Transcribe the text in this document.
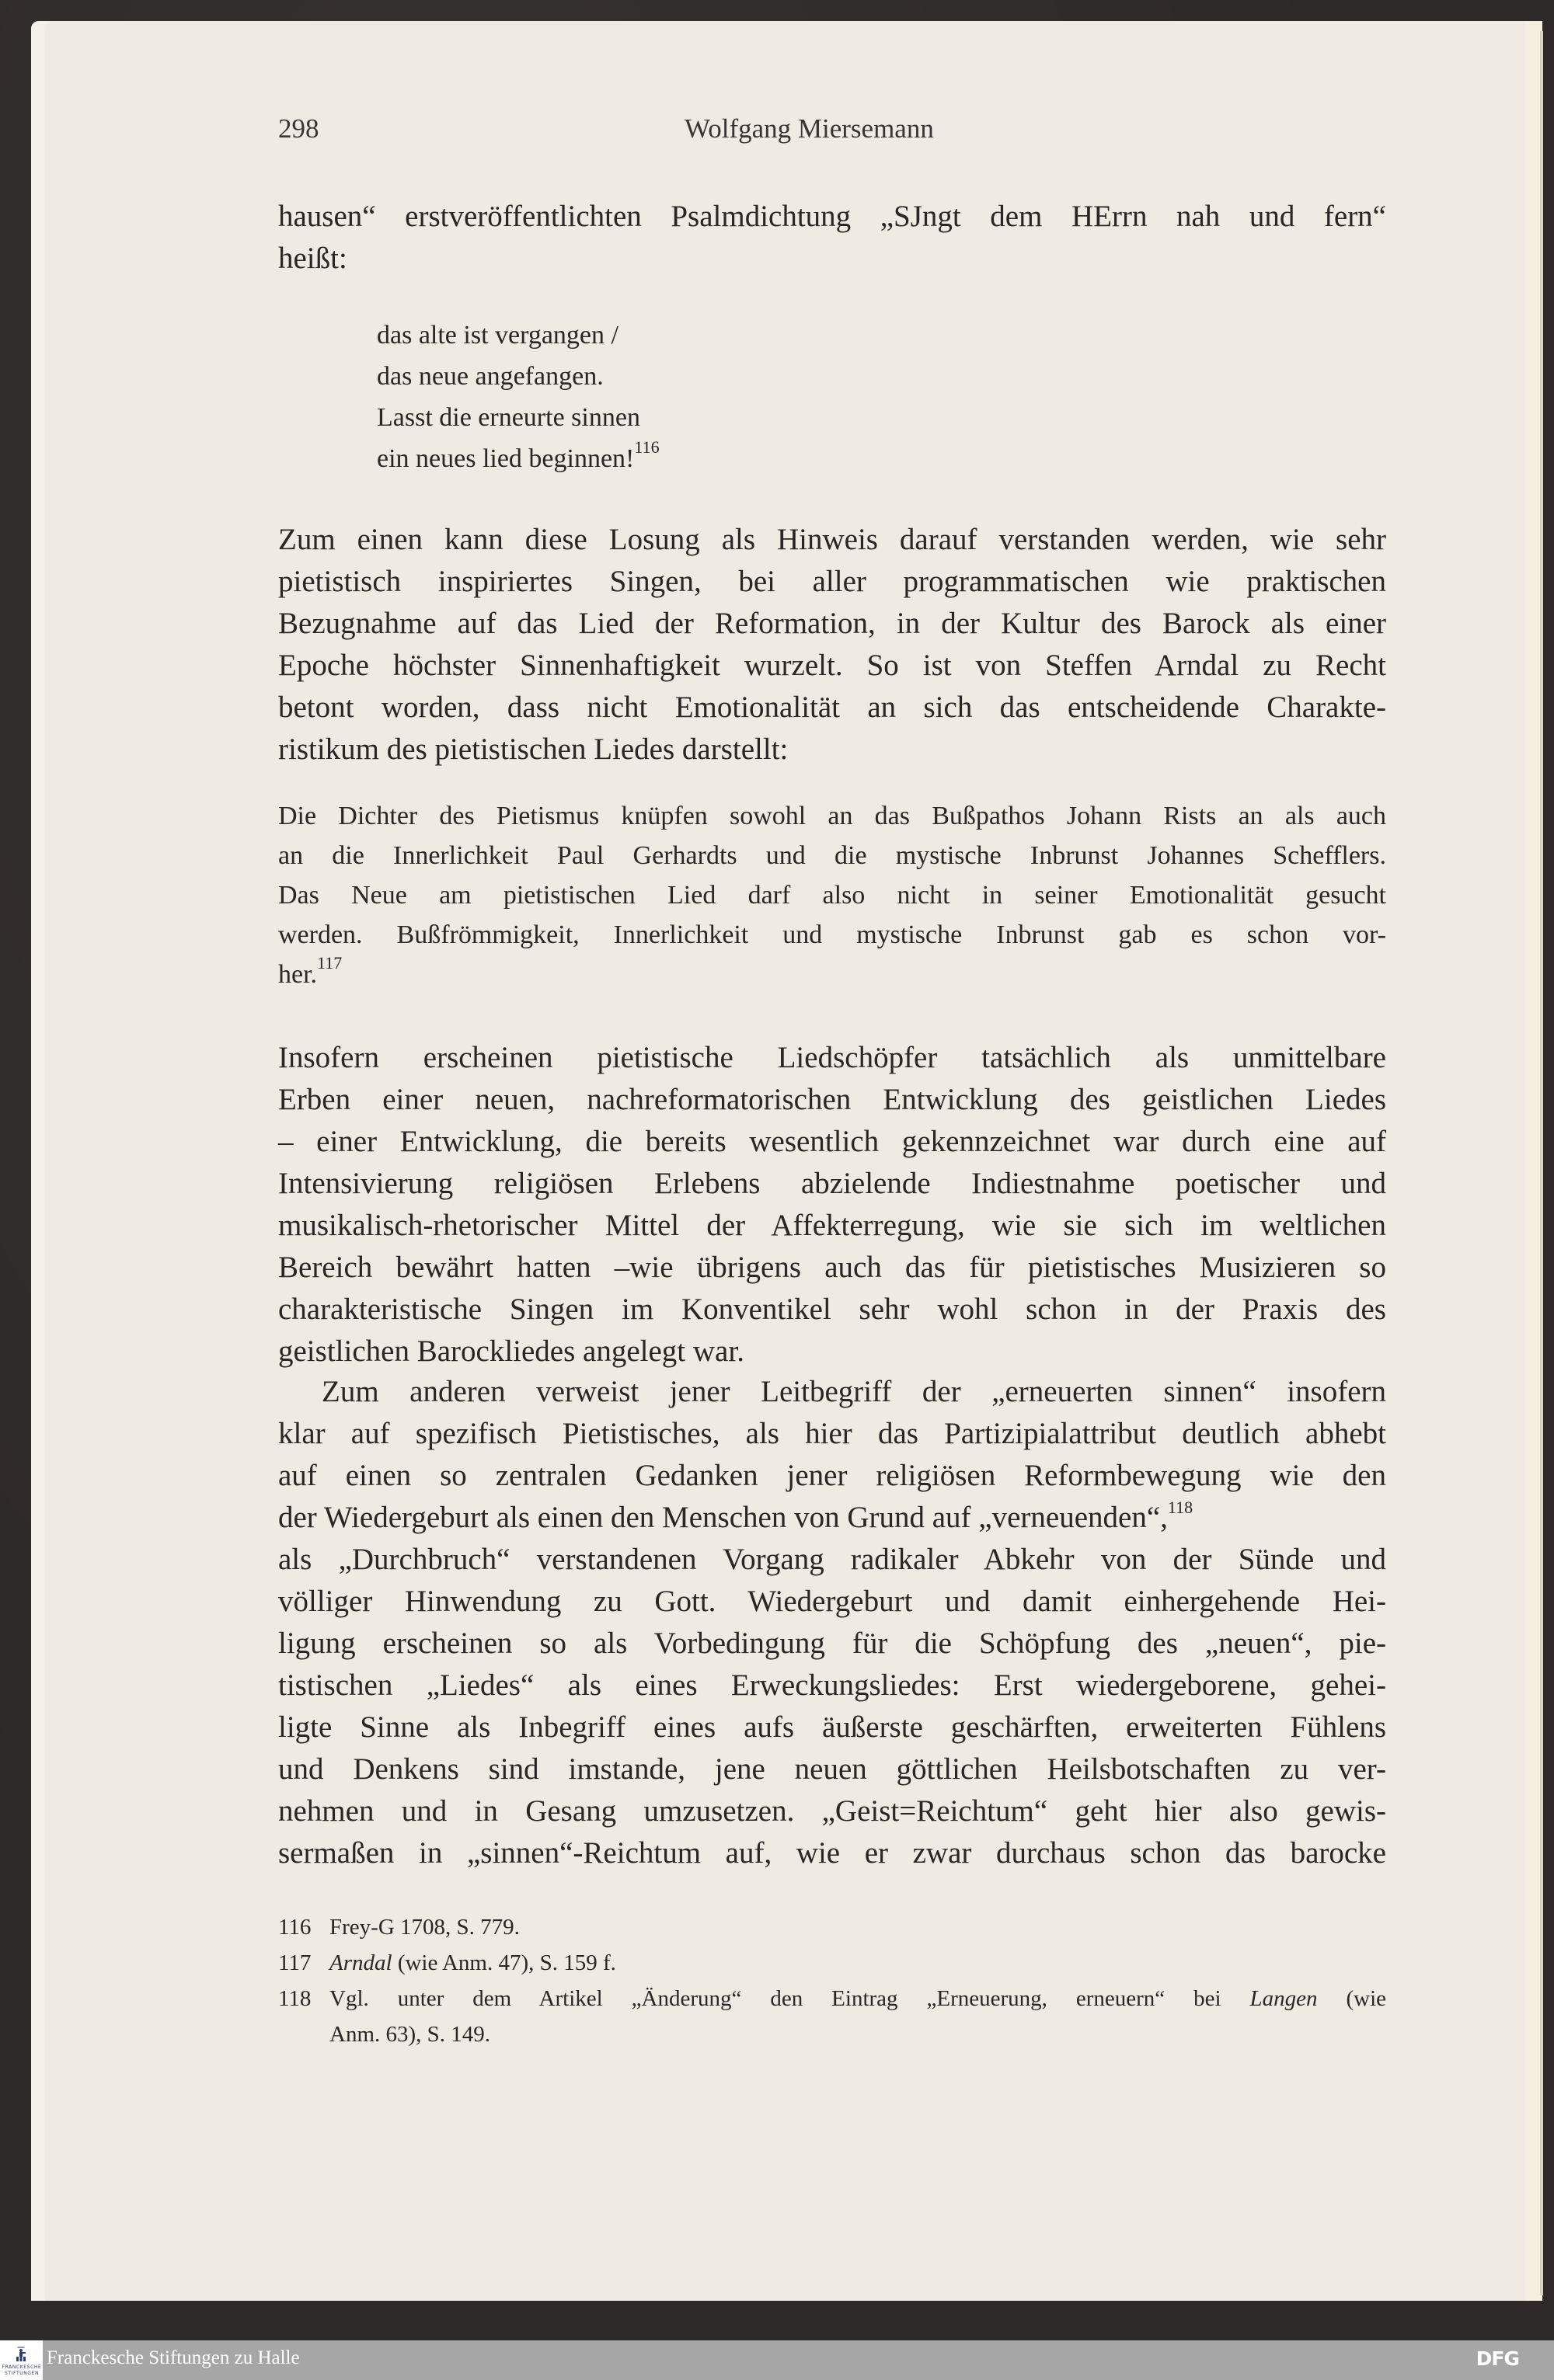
298	Wolfgang Miersemann
hausen“ erstveröffentlichten Psalmdichtung „SJngt dem HErrn nah und fern“
heißt:
das alte ist vergangen /
das neue angefangen.
Lasst die erneurte sinnen
ein neues lied beginnen!$^{116}$
Zum einen kann diese Losung als Hinweis darauf verstanden werden, wie sehr
pietistisch inspiriertes Singen, bei aller programmatischen wie praktischen
Bezugnahme auf das Lied der Reformation, in der Kultur des Barock als einer
Epoche höchster Sinnenhaftigkeit wurzelt. So ist von Steffen Arndal zu Recht
betont worden, dass nicht Emotionalität an sich das entscheidende Charakte-
ristikum des pietistischen Liedes darstellt:
Die Dichter des Pietismus knüpfen sowohl an das Bußpathos Johann Rists an als auch
an die Innerlichkeit Paul Gerhardts und die mystische Inbrunst Johannes Schefflers.
Das Neue am pietistischen Lied darf also nicht in seiner Emotionalität gesucht
werden. Bußfrömmigkeit, Innerlichkeit und mystische Inbrunst gab es schon vor-
her.$^{117}$
Insofern erscheinen pietistische Liedschöpfer tatsächlich als unmittelbare
Erben einer neuen, nachreformatorischen Entwicklung des geistlichen Liedes
– einer Entwicklung, die bereits wesentlich gekennzeichnet war durch eine auf
Intensivierung religiösen Erlebens abzielende Indiestnahme poetischer und
musikalisch-rhetorischer Mittel der Affekterregung, wie sie sich im weltlichen
Bereich bewährt hatten –wie übrigens auch das für pietistisches Musizieren so
charakteristische Singen im Konventikel sehr wohl schon in der Praxis des
geistlichen Barockliedes angelegt war.
Zum anderen verweist jener Leitbegriff der „erneuerten sinnen“ insofern
klar auf spezifisch Pietistisches, als hier das Partizipialattribut deutlich abhebt
auf einen so zentralen Gedanken jener religiösen Reformbewegung wie den
der Wiedergeburt als einen den Menschen von Grund auf „verneuenden“,$^{118}$
als „Durchbruch“ verstandenen Vorgang radikaler Abkehr von der Sünde und
völliger Hinwendung zu Gott. Wiedergeburt und damit einhergehende Hei-
ligung erscheinen so als Vorbedingung für die Schöpfung des „neuen“, pie-
tistischen „Liedes“ als eines Erweckungsliedes: Erst wiedergeborene, gehei-
ligte Sinne als Inbegriff eines aufs äußerste geschärften, erweiterten Fühlens
und Denkens sind imstande, jene neuen göttlichen Heilsbotschaften zu ver-
nehmen und in Gesang umzusetzen. „Geist=Reichtum“ geht hier also gewis-
sermaßen in „sinnen“-Reichtum auf, wie er zwar durchaus schon das barocke
116 Frey-G 1708, S. 779.
117 Arndal (wie Anm. 47), S. 159 f.
118 Vgl. unter dem Artikel „Änderung“ den Eintrag „Erneuerung, erneuern“ bei Langen (wie
Anm. 63), S. 149.
FRANCKESCHE
STIFTUNGEN
Franckesche Stiftungen zu Halle	DFG
